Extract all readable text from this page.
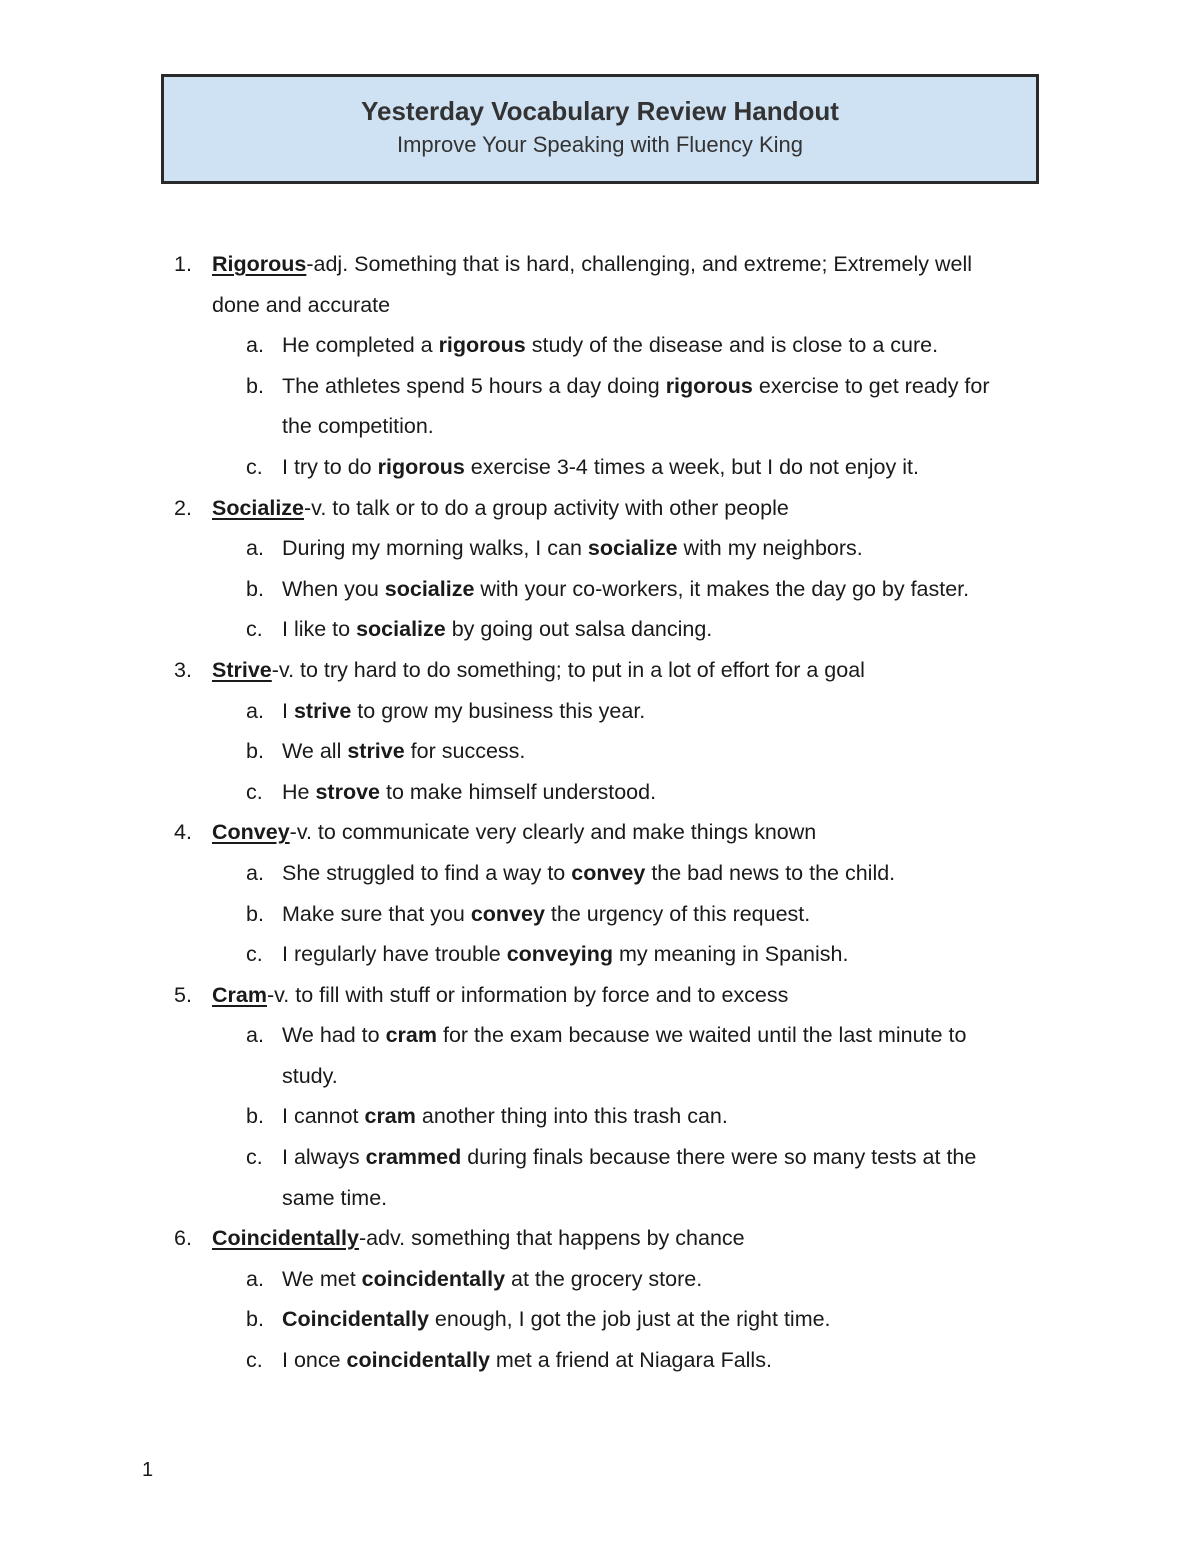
Yesterday Vocabulary Review Handout
Improve Your Speaking with Fluency King
1. Rigorous-adj. Something that is hard, challenging, and extreme; Extremely well
done and accurate
a. He completed a rigorous study of the disease and is close to a cure.
b. The athletes spend 5 hours a day doing rigorous exercise to get ready for
the competition.
c. I try to do rigorous exercise 3-4 times a week, but I do not enjoy it.
2. Socialize-v. to talk or to do a group activity with other people
a. During my morning walks, I can socialize with my neighbors.
b. When you socialize with your co-workers, it makes the day go by faster.
c. I like to socialize by going out salsa dancing.
3. Strive-v. to try hard to do something; to put in a lot of effort for a goal
a. I strive to grow my business this year.
b. We all strive for success.
c. He strove to make himself understood.
4. Convey-v. to communicate very clearly and make things known
a. She struggled to find a way to convey the bad news to the child.
b. Make sure that you convey the urgency of this request.
c. I regularly have trouble conveying my meaning in Spanish.
5. Cram-v. to fill with stuff or information by force and to excess
a. We had to cram for the exam because we waited until the last minute to
study.
b. I cannot cram another thing into this trash can.
c. I always crammed during finals because there were so many tests at the
same time.
6. Coincidentally-adv. something that happens by chance
a. We met coincidentally at the grocery store.
b. Coincidentally enough, I got the job just at the right time.
c. I once coincidentally met a friend at Niagara Falls.
1
